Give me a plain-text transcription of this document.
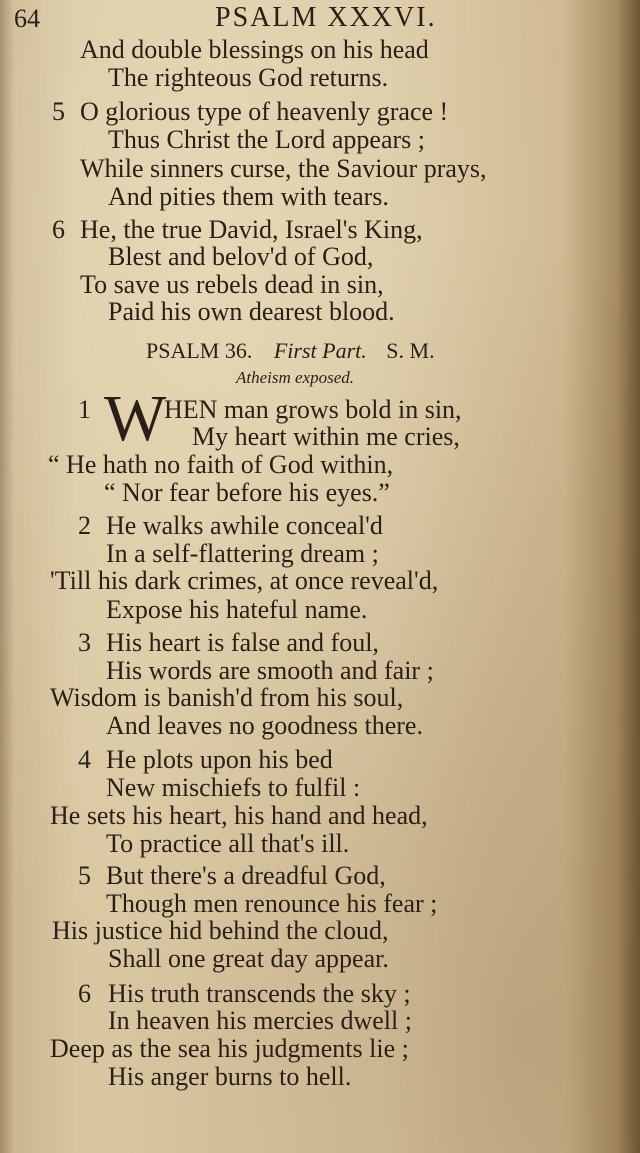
64	PSALM XXXVI.
And double blessings on his head
The righteous God returns.
5 O glorious type of heavenly grace !
Thus Christ the Lord appears ;
While sinners curse, the Saviour prays,
And pities them with tears.
6 He, the true David, Israel's King,
Blest and belov'd of God,
To save us rebels dead in sin,
Paid his own dearest blood.
PSALM 36. First Part. S. M.
Atheism exposed.
1 W
HEN man grows bold in sin,
My heart within me cries,
“ He hath no faith of God within,
“ Nor fear before his eyes.”
2 He walks awhile conceal'd
In a self-flattering dream ;
'Till his dark crimes, at once reveal'd,
Expose his hateful name.
3 His heart is false and foul,
His words are smooth and fair ;
Wisdom is banish'd from his soul,
And leaves no goodness there.
4 He plots upon his bed
New mischiefs to fulfil :
He sets his heart, his hand and head,
To practice all that's ill.
5 But there's a dreadful God,
Though men renounce his fear ;
His justice hid behind the cloud,
Shall one great day appear.
6 His truth transcends the sky ;
In heaven his mercies dwell ;
Deep as the sea his judgments lie ;
His anger burns to hell.
